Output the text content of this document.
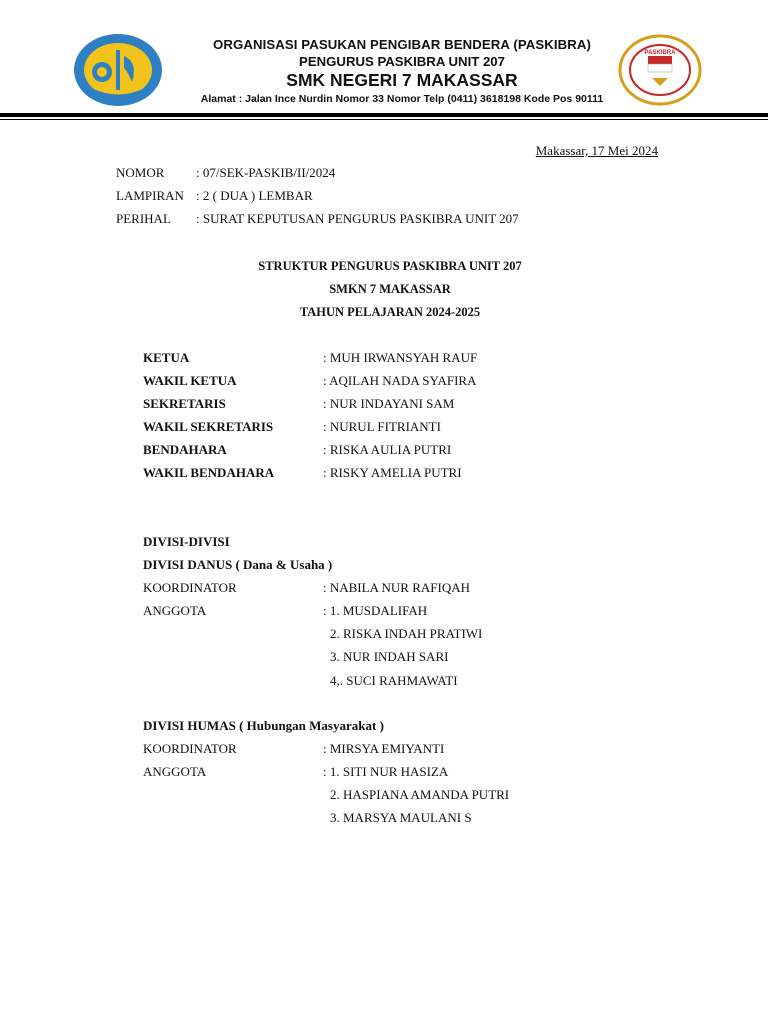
PASKIBRA
ORGANISASI PASUKAN PENGIBAR BENDERA (PASKIBRA)
PENGURUS PASKIBRA UNIT 207
SMK NEGERI 7 MAKASSAR
Alamat : Jalan Ince Nurdin Nomor 33 Nomor Telp (0411) 3618198 Kode Pos 90111
Makassar, 17 Mei 2024
NOMOR : 07/SEK-PASKIB/II/2024
LAMPIRAN : 2 ( DUA ) LEMBAR
PERIHAL : SURAT KEPUTUSAN PENGURUS PASKIBRA UNIT 207
STRUKTUR PENGURUS PASKIBRA UNIT 207
SMKN 7 MAKASSAR
TAHUN PELAJARAN 2024-2025
KETUA	: MUH IRWANSYAH RAUF
WAKIL KETUA	: AQILAH NADA SYAFIRA
SEKRETARIS	: NUR INDAYANI SAM
WAKIL SEKRETARIS	: NURUL FITRIANTI
BENDAHARA	: RISKA AULIA PUTRI
WAKIL BENDAHARA	: RISKY AMELIA PUTRI
DIVISI-DIVISI
DIVISI DANUS ( Dana & Usaha )
KOORDINATOR	: NABILA NUR RAFIQAH
ANGGOTA	: 1. MUSDALIFAH
2. RISKA INDAH PRATIWI
3. NUR INDAH SARI
4,. SUCI RAHMAWATI
DIVISI HUMAS ( Hubungan Masyarakat )
KOORDINATOR	: MIRSYA EMIYANTI
ANGGOTA	: 1. SITI NUR HASIZA
2. HASPIANA AMANDA PUTRI
3. MARSYA MAULANI S
